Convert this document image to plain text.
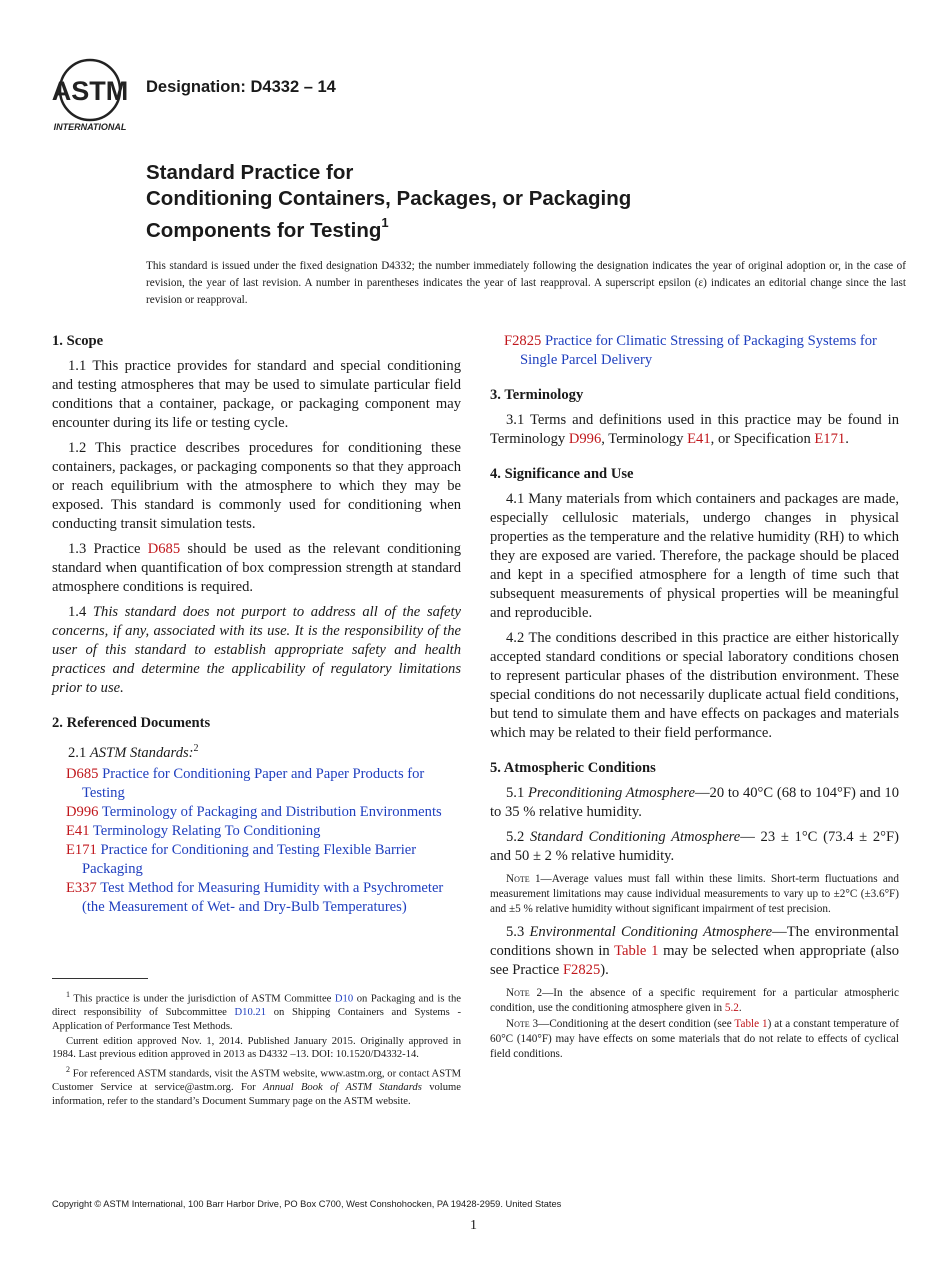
ASTM
INTERNATIONAL
Designation: D4332 – 14
Standard Practice for
Conditioning Containers, Packages, or Packaging
Components for Testing$^1$
This standard is issued under the fixed designation D4332; the number immediately following the designation indicates the year of original adoption or, in the case of revision, the year of last revision. A number in parentheses indicates the year of last reapproval. A superscript epsilon (ε) indicates an editorial change since the last revision or reapproval.
1. Scope

1.1 This practice provides for standard and special conditioning and testing atmospheres that may be used to simulate particular field conditions that a container, package, or packaging component may encounter during its life or testing cycle.

1.2 This practice describes procedures for conditioning these containers, packages, or packaging components so that they approach or reach equilibrium with the atmosphere to which they may be exposed. This standard is commonly used for conditioning when conducting transit simulation tests.

1.3 Practice D685 should be used as the relevant conditioning standard when quantification of box compression strength at standard atmosphere conditions is required.

1.4 This standard does not purport to address all of the safety concerns, if any, associated with its use. It is the responsibility of the user of this standard to establish appropriate safety and health practices and determine the applicability of regulatory limitations prior to use.

2. Referenced Documents

2.1 ASTM Standards:$^2$

D685 Practice for Conditioning Paper and Paper Products for Testing
D996 Terminology of Packaging and Distribution Environments
E41 Terminology Relating To Conditioning
E171 Practice for Conditioning and Testing Flexible Barrier Packaging
E337 Test Method for Measuring Humidity with a Psychrometer (the Measurement of Wet- and Dry-Bulb Temperatures)

$^1$ This practice is under the jurisdiction of ASTM Committee D10 on Packaging and is the direct responsibility of Subcommittee D10.21 on Shipping Containers and Systems - Application of Performance Test Methods.

Current edition approved Nov. 1, 2014. Published January 2015. Originally approved in 1984. Last previous edition approved in 2013 as D4332 –13. DOI: 10.1520/D4332-14.

$^2$ For referenced ASTM standards, visit the ASTM website, www.astm.org, or contact ASTM Customer Service at service@astm.org. For Annual Book of ASTM Standards volume information, refer to the standard’s Document Summary page on the ASTM website.

F2825 Practice for Climatic Stressing of Packaging Systems for Single Parcel Delivery
3. Terminology

3.1 Terms and definitions used in this practice may be found in Terminology D996, Terminology E41, or Specification E171.

4. Significance and Use

4.1 Many materials from which containers and packages are made, especially cellulosic materials, undergo changes in physical properties as the temperature and the relative humidity (RH) to which they are exposed are varied. Therefore, the package should be placed and kept in a specified atmosphere for a length of time such that subsequent measurements of physical properties will be meaningful and reproducible.

4.2 The conditions described in this practice are either historically accepted standard conditions or special laboratory conditions chosen to represent particular phases of the distribution environment. These special conditions do not necessarily duplicate actual field conditions, but tend to simulate them and have effects on packages and materials which may be related to their field performance.

5. Atmospheric Conditions

5.1 Preconditioning Atmosphere—20 to 40°C (68 to 104°F) and 10 to 35 % relative humidity.

5.2 Standard Conditioning Atmosphere— 23 ± 1°C (73.4 ± 2°F) and 50 ± 2 % relative humidity.

Note 1—Average values must fall within these limits. Short-term fluctuations and measurement limitations may cause individual measurements to vary up to ±2°C (±3.6°F) and ±5 % relative humidity without significant impairment of test precision.

5.3 Environmental Conditioning Atmosphere—The environmental conditions shown in Table 1 may be selected when appropriate (also see Practice F2825).

Note 2—In the absence of a specific requirement for a particular atmospheric condition, use the conditioning atmosphere given in 5.2.

Note 3—Conditioning at the desert condition (see Table 1) at a constant temperature of 60°C (140°F) may have effects on some materials that do not relate to effects of cyclical field conditions.

Copyright © ASTM International, 100 Barr Harbor Drive, PO Box C700, West Conshohocken, PA 19428-2959. United States
1
